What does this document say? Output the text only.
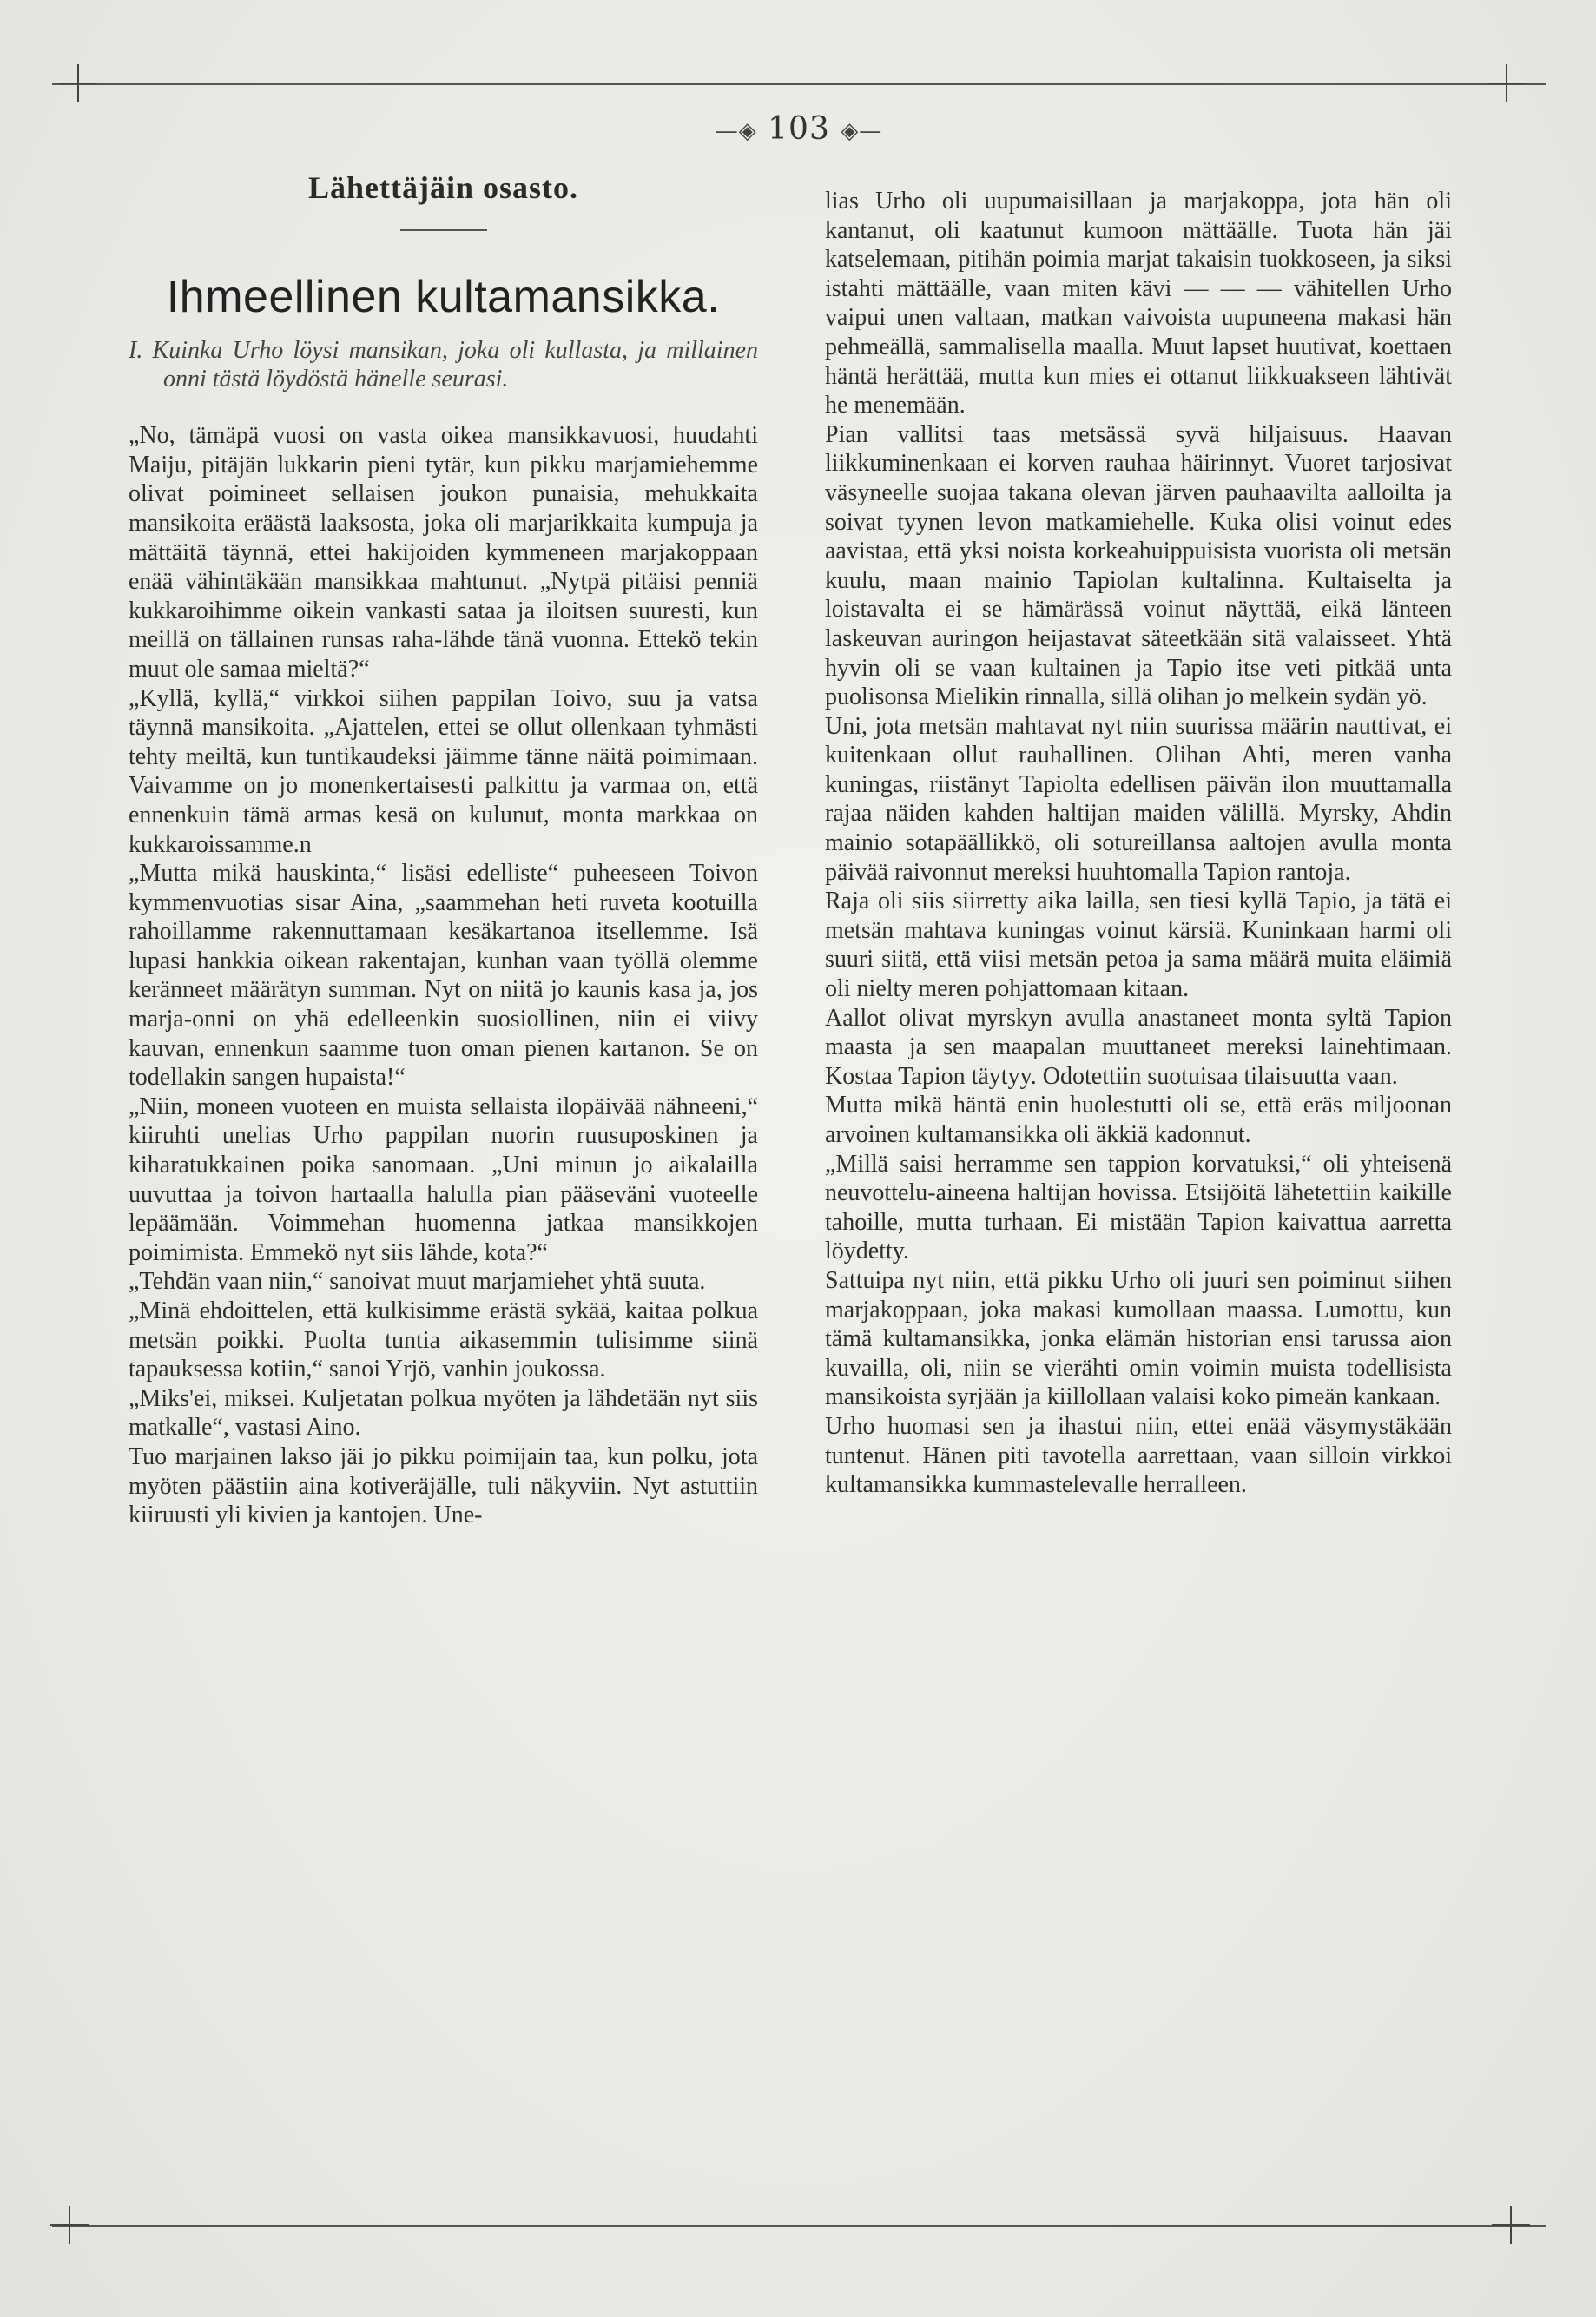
—◈ 103 ◈—
Lähettäjäin osasto.
Ihmeellinen kultamansikka.
I. Kuinka Urho löysi mansikan, joka oli kullasta, ja millainen onni tästä löydöstä hänelle seurasi.

„No, tämäpä vuosi on vasta oikea mansikkavuosi, huudahti Maiju, pitäjän lukkarin pieni tytär, kun pikku marjamiehemme olivat poimineet sellaisen joukon punaisia, mehukkaita mansikoita eräästä laaksosta, joka oli marjarikkaita kumpuja ja mättäitä täynnä, ettei hakijoiden kymmeneen marjakoppaan enää vähintäkään mansikkaa mahtunut. „Nytpä pitäisi penniä kukkaroihimme oikein vankasti sataa ja iloitsen suuresti, kun meillä on tällainen runsas raha-lähde tänä vuonna. Ettekö tekin muut ole samaa mieltä?“

„Kyllä, kyllä,“ virkkoi siihen pappilan Toivo, suu ja vatsa täynnä mansikoita. „Ajattelen, ettei se ollut ollenkaan tyhmästi tehty meiltä, kun tuntikaudeksi jäimme tänne näitä poimimaan. Vaivamme on jo monenkertaisesti palkittu ja varmaa on, että ennenkuin tämä armas kesä on kulunut, monta markkaa on kukkaroissamme.n

„Mutta mikä hauskinta,“ lisäsi edelliste“ puheeseen Toivon kymmenvuotias sisar Aina, „saammehan heti ruveta kootuilla rahoillamme rakennuttamaan kesäkartanoa itsellemme. Isä lupasi hankkia oikean rakentajan, kunhan vaan työllä olemme keränneet määrätyn summan. Nyt on niitä jo kaunis kasa ja, jos marja-onni on yhä edelleenkin suosiollinen, niin ei viivy kauvan, ennenkun saamme tuon oman pienen kartanon. Se on todellakin sangen hupaista!“

„Niin, moneen vuoteen en muista sellaista ilopäivää nähneeni,“ kiiruhti unelias Urho pappilan nuorin ruusuposkinen ja kiharatukkainen poika sanomaan. „Uni minun jo aikalailla uuvuttaa ja toivon hartaalla halulla pian pääseväni vuoteelle lepäämään. Voimmehan huomenna jatkaa mansikkojen poimimista. Emmekö nyt siis lähde, kota?“

„Tehdän vaan niin,“ sanoivat muut marjamiehet yhtä suuta.

„Minä ehdoittelen, että kulkisimme erästä sykää, kaitaa polkua metsän poikki. Puolta tuntia aikasemmin tulisimme siinä tapauksessa kotiin,“ sanoi Yrjö, vanhin joukossa.

„Miks'ei, miksei. Kuljetatan polkua myöten ja lähdetään nyt siis matkalle“, vastasi Aino.

Tuo marjainen lakso jäi jo pikku poimijain taa, kun polku, jota myöten päästiin aina kotiveräjälle, tuli näkyviin. Nyt astuttiin kiiruusti yli kivien ja kantojen. Une-

lias Urho oli uupumaisillaan ja marjakoppa, jota hän oli kantanut, oli kaatunut kumoon mättäälle. Tuota hän jäi katselemaan, pitihän poimia marjat takaisin tuokkoseen, ja siksi istahti mättäälle, vaan miten kävi — — — vähitellen Urho vaipui unen valtaan, matkan vaivoista uupuneena makasi hän pehmeällä, sammalisella maalla. Muut lapset huutivat, koettaen häntä herättää, mutta kun mies ei ottanut liikkuakseen lähtivät he menemään.

Pian vallitsi taas metsässä syvä hiljaisuus. Haavan liikkuminenkaan ei korven rauhaa häirinnyt. Vuoret tarjosivat väsyneelle suojaa takana olevan järven pauhaavilta aalloilta ja soivat tyynen levon matkamiehelle. Kuka olisi voinut edes aavistaa, että yksi noista korkeahuippuisista vuorista oli metsän kuulu, maan mainio Tapiolan kultalinna. Kultaiselta ja loistavalta ei se hämärässä voinut näyttää, eikä länteen laskeuvan auringon heijastavat säteetkään sitä valaisseet. Yhtä hyvin oli se vaan kultainen ja Tapio itse veti pitkää unta puolisonsa Mielikin rinnalla, sillä olihan jo melkein sydän yö.

Uni, jota metsän mahtavat nyt niin suurissa määrin nauttivat, ei kuitenkaan ollut rauhallinen. Olihan Ahti, meren vanha kuningas, riistänyt Tapiolta edellisen päivän ilon muuttamalla rajaa näiden kahden haltijan maiden välillä. Myrsky, Ahdin mainio sotapäällikkö, oli sotureillansa aaltojen avulla monta päivää raivonnut mereksi huuhtomalla Tapion rantoja.

Raja oli siis siirretty aika lailla, sen tiesi kyllä Tapio, ja tätä ei metsän mahtava kuningas voinut kärsiä. Kuninkaan harmi oli suuri siitä, että viisi metsän petoa ja sama määrä muita eläimiä oli nielty meren pohjattomaan kitaan.

Aallot olivat myrskyn avulla anastaneet monta syltä Tapion maasta ja sen maapalan muuttaneet mereksi lainehtimaan. Kostaa Tapion täytyy. Odotettiin suotuisaa tilaisuutta vaan.

Mutta mikä häntä enin huolestutti oli se, että eräs miljoonan arvoinen kultamansikka oli äkkiä kadonnut.

„Millä saisi herramme sen tappion korvatuksi,“ oli yhteisenä neuvottelu-aineena haltijan hovissa. Etsijöitä lähetettiin kaikille tahoille, mutta turhaan. Ei mistään Tapion kaivattua aarretta löydetty.

Sattuipa nyt niin, että pikku Urho oli juuri sen poiminut siihen marjakoppaan, joka makasi kumollaan maassa. Lumottu, kun tämä kultamansikka, jonka elämän historian ensi tarussa aion kuvailla, oli, niin se vierähti omin voimin muista todellisista mansikoista syrjään ja kiillollaan valaisi koko pimeän kankaan.

Urho huomasi sen ja ihastui niin, ettei enää väsymystäkään tuntenut. Hänen piti tavotella aarrettaan, vaan silloin virkkoi kultamansikka kummastelevalle herralleen.
